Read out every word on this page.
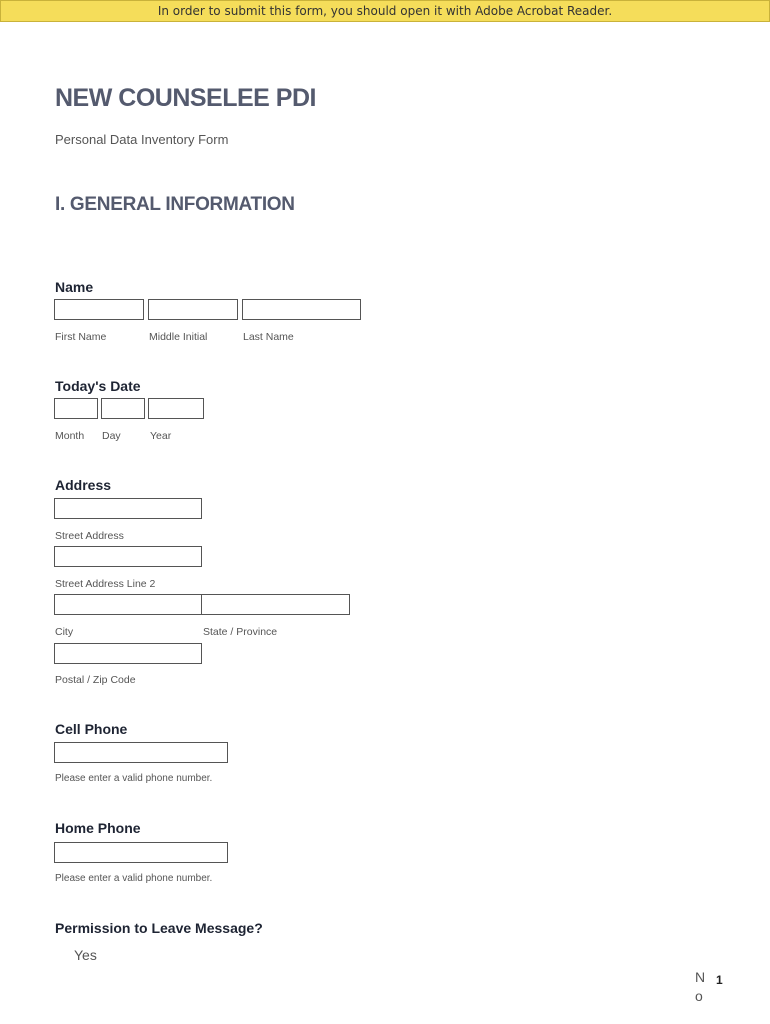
In order to submit this form, you should open it with Adobe Acrobat Reader.
NEW COUNSELEE PDI
Personal Data Inventory Form
I. GENERAL INFORMATION
Name
First Name	Middle Initial	Last Name
Today's Date
Month Day	Year
Address
Street Address
Street Address Line 2
City	State / Province
Postal / Zip Code
Cell Phone
Please enter a valid phone number.
Home Phone
Please enter a valid phone number.
Permission to Leave Message?
Yes
N
o
1
